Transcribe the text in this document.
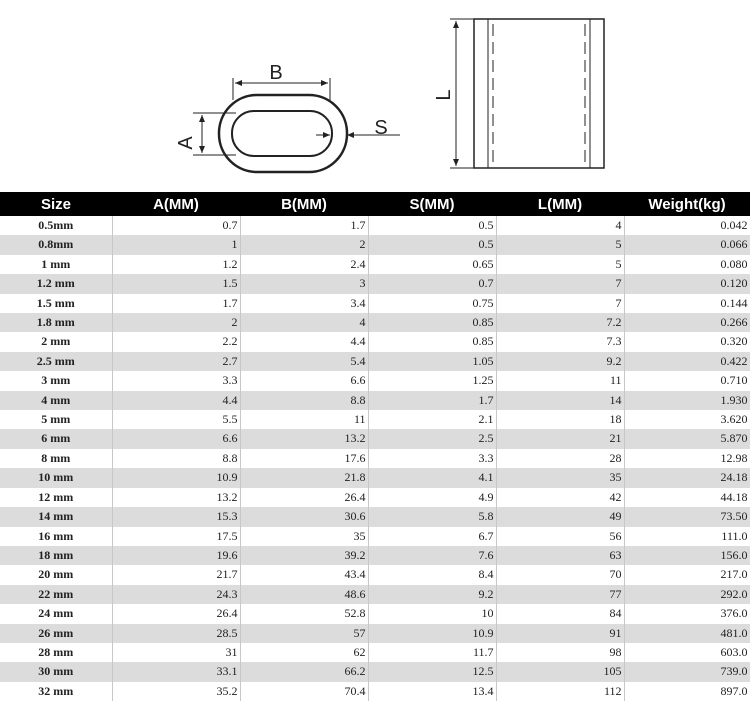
B
A
S
L
Size	A(MM)	B(MM)	S(MM)	L(MM)	Weight(kg)
0.5mm	0.7	1.7	0.5	4	0.042
0.8mm	1	2	0.5	5	0.066
1 mm	1.2	2.4	0.65	5	0.080
1.2 mm	1.5	3	0.7	7	0.120
1.5 mm	1.7	3.4	0.75	7	0.144
1.8 mm	2	4	0.85	7.2	0.266
2 mm	2.2	4.4	0.85	7.3	0.320
2.5 mm	2.7	5.4	1.05	9.2	0.422
3 mm	3.3	6.6	1.25	11	0.710
4 mm	4.4	8.8	1.7	14	1.930
5 mm	5.5	11	2.1	18	3.620
6 mm	6.6	13.2	2.5	21	5.870
8 mm	8.8	17.6	3.3	28	12.98
10 mm	10.9	21.8	4.1	35	24.18
12 mm	13.2	26.4	4.9	42	44.18
14 mm	15.3	30.6	5.8	49	73.50
16 mm	17.5	35	6.7	56	111.0
18 mm	19.6	39.2	7.6	63	156.0
20 mm	21.7	43.4	8.4	70	217.0
22 mm	24.3	48.6	9.2	77	292.0
24 mm	26.4	52.8	10	84	376.0
26 mm	28.5	57	10.9	91	481.0
28 mm	31	62	11.7	98	603.0
30 mm	33.1	66.2	12.5	105	739.0
32 mm	35.2	70.4	13.4	112	897.0
